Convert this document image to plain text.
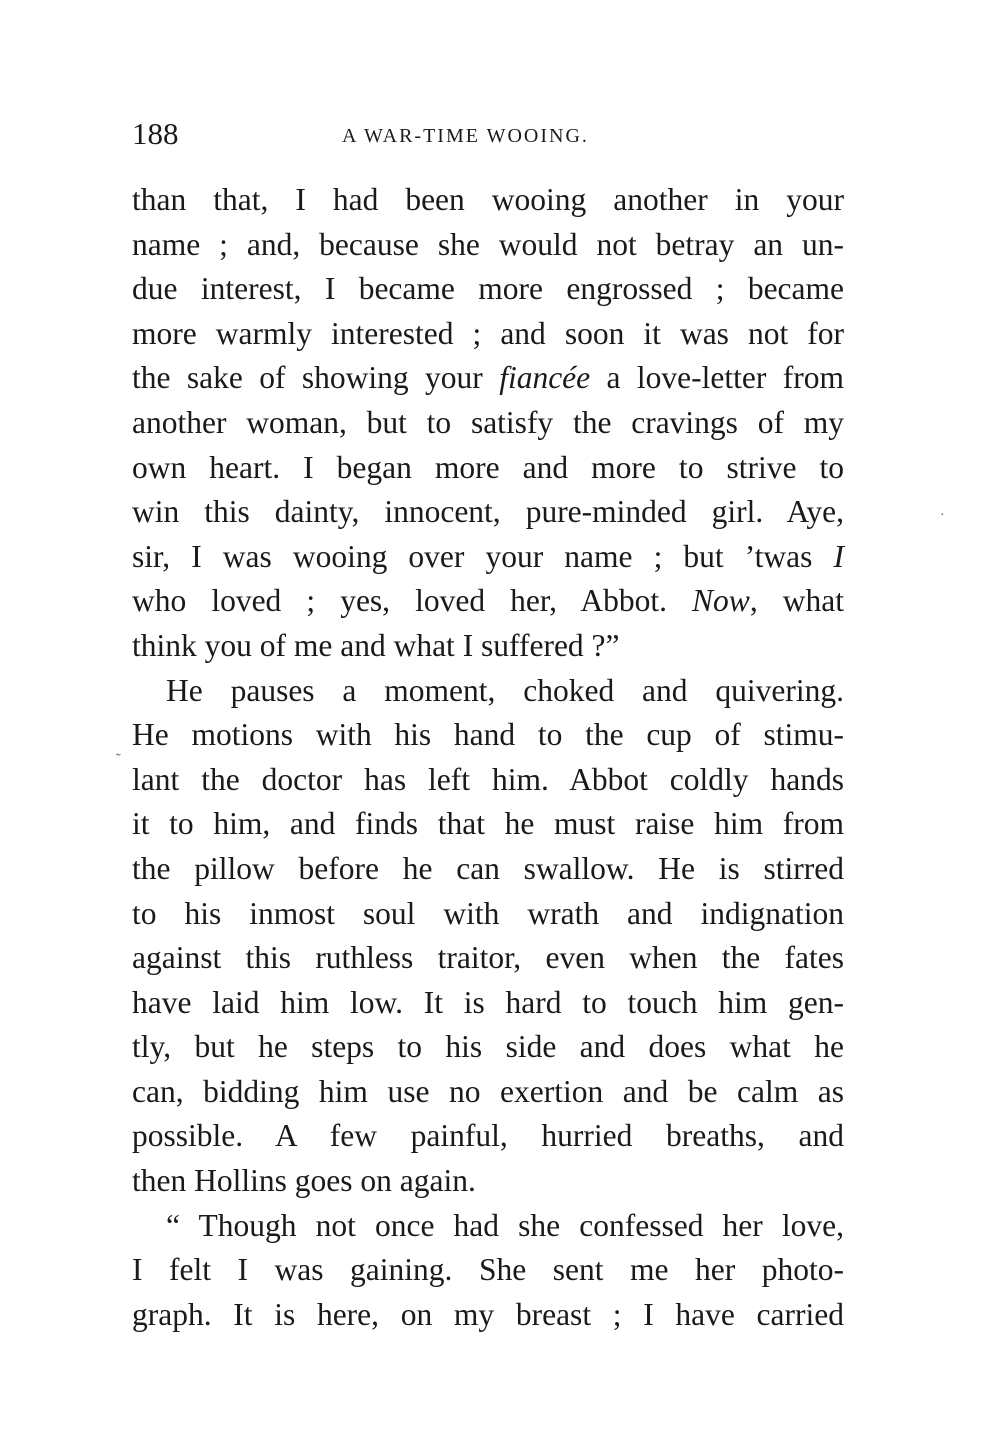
188	A WAR-TIME WOOING.
than that, I had been wooing another in your
name ; and, because she would not betray an un-
due interest, I became more engrossed ; became
more warmly interested ; and soon it was not for
the sake of showing your fiancée a love-letter from
another woman, but to satisfy the cravings of my
own heart. I began more and more to strive to
win this dainty, innocent, pure-minded girl. Aye,
sir, I was wooing over your name ; but ’twas I
who loved ; yes, loved her, Abbot. Now, what
think you of me and what I suffered ?”
He pauses a moment, choked and quivering.
He motions with his hand to the cup of stimu-
lant the doctor has left him. Abbot coldly hands
it to him, and finds that he must raise him from
the pillow before he can swallow. He is stirred
to his inmost soul with wrath and indignation
against this ruthless traitor, even when the fates
have laid him low. It is hard to touch him gen-
tly, but he steps to his side and does what he
can, bidding him use no exertion and be calm as
possible. A few painful, hurried breaths, and
then Hollins goes on again.
“ Though not once had she confessed her love,
I felt I was gaining. She sent me her photo-
graph. It is here, on my breast ; I have carried
·
˜
